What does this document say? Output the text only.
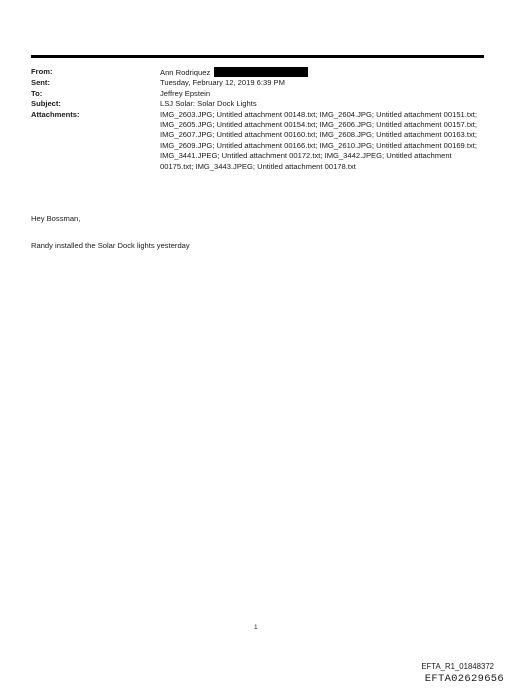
From:	Ann Rodriquez
Sent:	Tuesday, February 12, 2019 6:39 PM
To:	Jeffrey Epstein
Subject:	LSJ Solar: Solar Dock Lights
Attachments:	IMG_2603.JPG; Untitled attachment 00148.txt; IMG_2604.JPG; Untitled attachment 00151.txt; IMG_2605.JPG; Untitled attachment 00154.txt; IMG_2606.JPG; Untitled attachment 00157.txt; IMG_2607.JPG; Untitled attachment 00160.txt; IMG_2608.JPG; Untitled attachment 00163.txt; IMG_2609.JPG; Untitled attachment 00166.txt; IMG_2610.JPG; Untitled attachment 00169.txt; IMG_3441.JPEG; Untitled attachment 00172.txt; IMG_3442.JPEG; Untitled attachment 00175.txt; IMG_3443.JPEG; Untitled attachment 00178.txt

Hey Bossman,

Randy installed the Solar Dock lights yesterday

1
EFTA_R1_01848372
EFTA02629656
